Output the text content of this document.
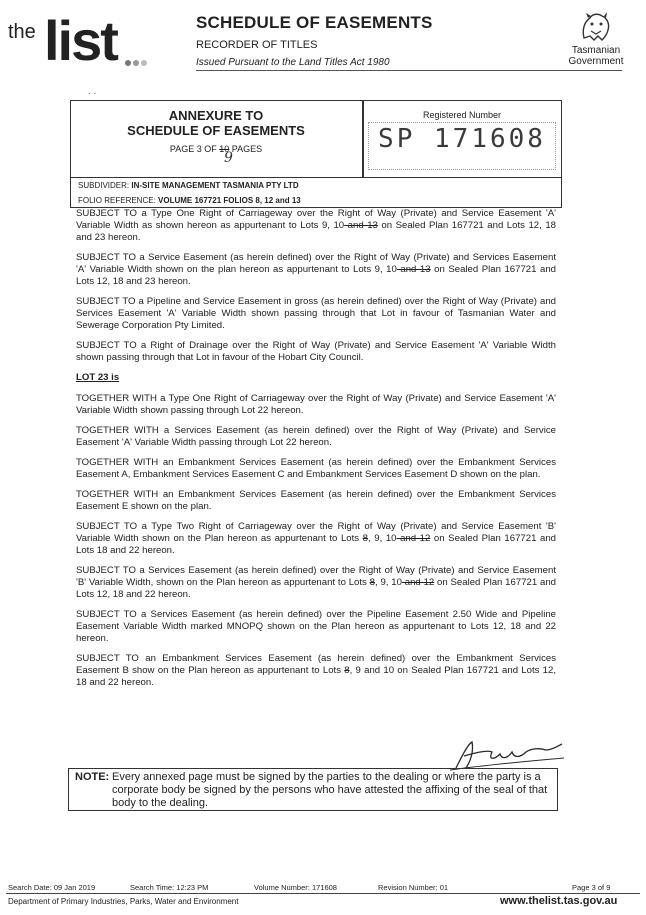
the list	SCHEDULE OF EASEMENTS
RECORDER OF TITLES
Issued Pursuant to the Land Titles Act 1980
Tasmanian
Government
· ·
ANNEXURE TO
SCHEDULE OF EASEMENTS
PAGE 3 OF 10 PAGES
9
Registered Number
SP 171608
SUBDIVIDER: IN-SITE MANAGEMENT TASMANIA PTY LTD
FOLIO REFERENCE: VOLUME 167721 FOLIOS 8, 12 and 13

SUBJECT TO a Type One Right of Carriageway over the Right of Way (Private) and Service Easement 'A' Variable Width as shown hereon as appurtenant to Lots 9, 10 and 13 on Sealed Plan 167721 and Lots 12, 18 and 23 hereon.

SUBJECT TO a Service Easement (as herein defined) over the Right of Way (Private) and Services Easement 'A' Variable Width shown on the plan hereon as appurtenant to Lots 9, 10 and 13 on Sealed Plan 167721 and Lots 12, 18 and 23 hereon.

SUBJECT TO a Pipeline and Service Easement in gross (as herein defined) over the Right of Way (Private) and Services Easement 'A' Variable Width shown passing through that Lot in favour of Tasmanian Water and Sewerage Corporation Pty Limited.

SUBJECT TO a Right of Drainage over the Right of Way (Private) and Service Easement 'A' Variable Width shown passing through that Lot in favour of the Hobart City Council.

LOT 23 is

TOGETHER WITH a Type One Right of Carriageway over the Right of Way (Private) and Service Easement 'A' Variable Width shown passing through Lot 22 hereon.

TOGETHER WITH a Services Easement (as herein defined) over the Right of Way (Private) and Service Easement 'A' Variable Width passing through Lot 22 hereon.

TOGETHER WITH an Embankment Services Easement (as herein defined) over the Embankment Services Easement A, Embankment Services Easement C and Embankment Services Easement D shown on the plan.

TOGETHER WITH an Embankment Services Easement (as herein defined) over the Embankment Services Easement E shown on the plan.

SUBJECT TO a Type Two Right of Carriageway over the Right of Way (Private) and Service Easement 'B' Variable Width shown on the Plan hereon as appurtenant to Lots 8, 9, 10 and 12 on Sealed Plan 167721 and Lots 18 and 22 hereon.

SUBJECT TO a Services Easement (as herein defined) over the Right of Way (Private) and Service Easement 'B' Variable Width, shown on the Plan hereon as appurtenant to Lots 8, 9, 10 and 12 on Sealed Plan 167721 and Lots 12, 18 and 22 hereon.

SUBJECT TO a Services Easement (as herein defined) over the Pipeline Easement 2.50 Wide and Pipeline Easement Variable Width marked MNOPQ shown on the Plan hereon as appurtenant to Lots 12, 18 and 22 hereon.

SUBJECT TO an Embankment Services Easement (as herein defined) over the Embankment Services Easement B show on the Plan hereon as appurtenant to Lots 8, 9 and 10 on Sealed Plan 167721 and Lots 12, 18 and 22 hereon.

NOTE: Every annexed page must be signed by the parties to the dealing or where the party is a corporate body be signed by the persons who have attested the affixing of the seal of that body to the dealing.
Search Date: 09 Jan 2019	Search Time: 12:23 PM	Volume Number: 171608	Revision Number: 01	Page 3 of 9
Department of Primary Industries, Parks, Water and Environment	www.thelist.tas.gov.au
